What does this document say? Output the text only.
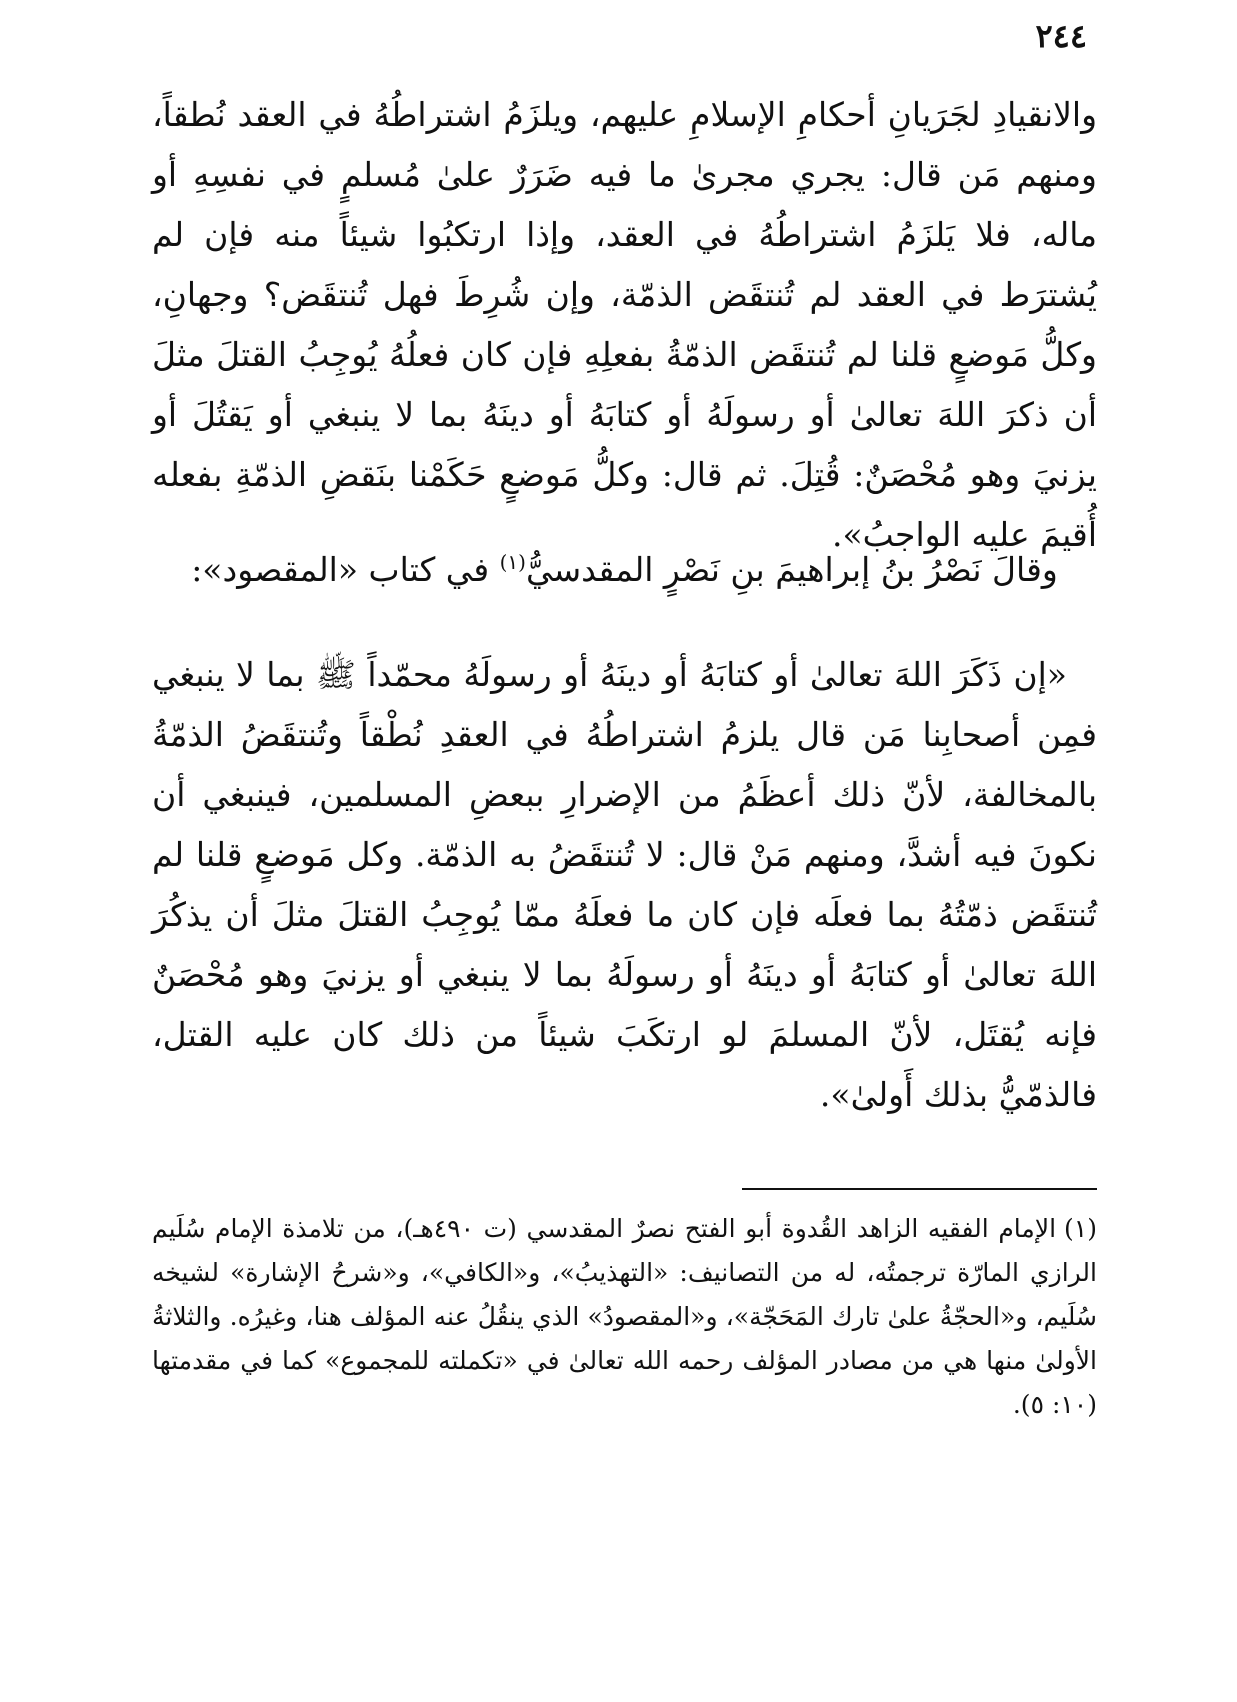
٢٤٤

والانقيادِ لجَرَيانِ أحكامِ الإسلامِ عليهم، ويلزَمُ اشتراطُهُ في العقد نُطقاً، ومنهم مَن قال: يجري مجرىٰ ما فيه ضَرَرٌ علىٰ مُسلمٍ في نفسِهِ أو ماله، فلا يَلزَمُ اشتراطُهُ في العقد، وإذا ارتكبُوا شيئاً منه فإن لم يُشترَط في العقد لم تُنتقَض الذمّة، وإن شُرِطَ فهل تُنتقَض؟ وجهانِ، وكلُّ مَوضعٍ قلنا لم تُنتقَض الذمّةُ بفعلِهِ فإن كان فعلُهُ يُوجِبُ القتلَ مثلَ أن ذكرَ اللهَ تعالىٰ أو رسولَهُ أو كتابَهُ أو دينَهُ بما لا ينبغي أو يَقتُلَ أو يزنيَ وهو مُحْصَنٌ: قُتِلَ. ثم قال: وكلُّ مَوضعٍ حَكَمْنا بنَقضِ الذمّةِ بفعله أُقيمَ عليه الواجبُ».

وقالَ نَصْرُ بنُ إبراهيمَ بنِ نَصْرٍ المقدسيُّ$^{(١)}$ في كتاب «المقصود»:

«إن ذَكَرَ اللهَ تعالىٰ أو كتابَهُ أو دينَهُ أو رسولَهُ محمّداً ﷺ بما لا ينبغي فمِن أصحابِنا مَن قال يلزمُ اشتراطُهُ في العقدِ نُطْقاً وتُنتقَضُ الذمّةُ بالمخالفة، لأنّ ذلك أعظَمُ من الإضرارِ ببعضِ المسلمين، فينبغي أن نكونَ فيه أشدَّ، ومنهم مَنْ قال: لا تُنتقَضُ به الذمّة. وكل مَوضعٍ قلنا لم تُنتقَض ذمّتُهُ بما فعلَه فإن كان ما فعلَهُ ممّا يُوجِبُ القتلَ مثلَ أن يذكُرَ اللهَ تعالىٰ أو كتابَهُ أو دينَهُ أو رسولَهُ بما لا ينبغي أو يزنيَ وهو مُحْصَنٌ فإنه يُقتَل، لأنّ المسلمَ لو ارتكَبَ شيئاً من ذلك كان عليه القتل، فالذمّيُّ بذلك أَولىٰ».

(١)الإمام الفقيه الزاهد القُدوة أبو الفتح نصرٌ المقدسي (ت ٤٩٠هـ)، من تلامذة الإمام سُلَيم الرازي المارّة ترجمتُه، له من التصانيف: «التهذيبُ»، و«الكافي»، و«شرحُ الإشارة» لشيخه سُلَيم، و«الحجّةُ علىٰ تارك المَحَجّة»، و«المقصودُ» الذي ينقُلُ عنه المؤلف هنا، وغيرُه. والثلاثةُ الأولىٰ منها هي من مصادر المؤلف رحمه الله تعالىٰ في «تكملته للمجموع» كما في مقدمتها (١٠: ٥).
